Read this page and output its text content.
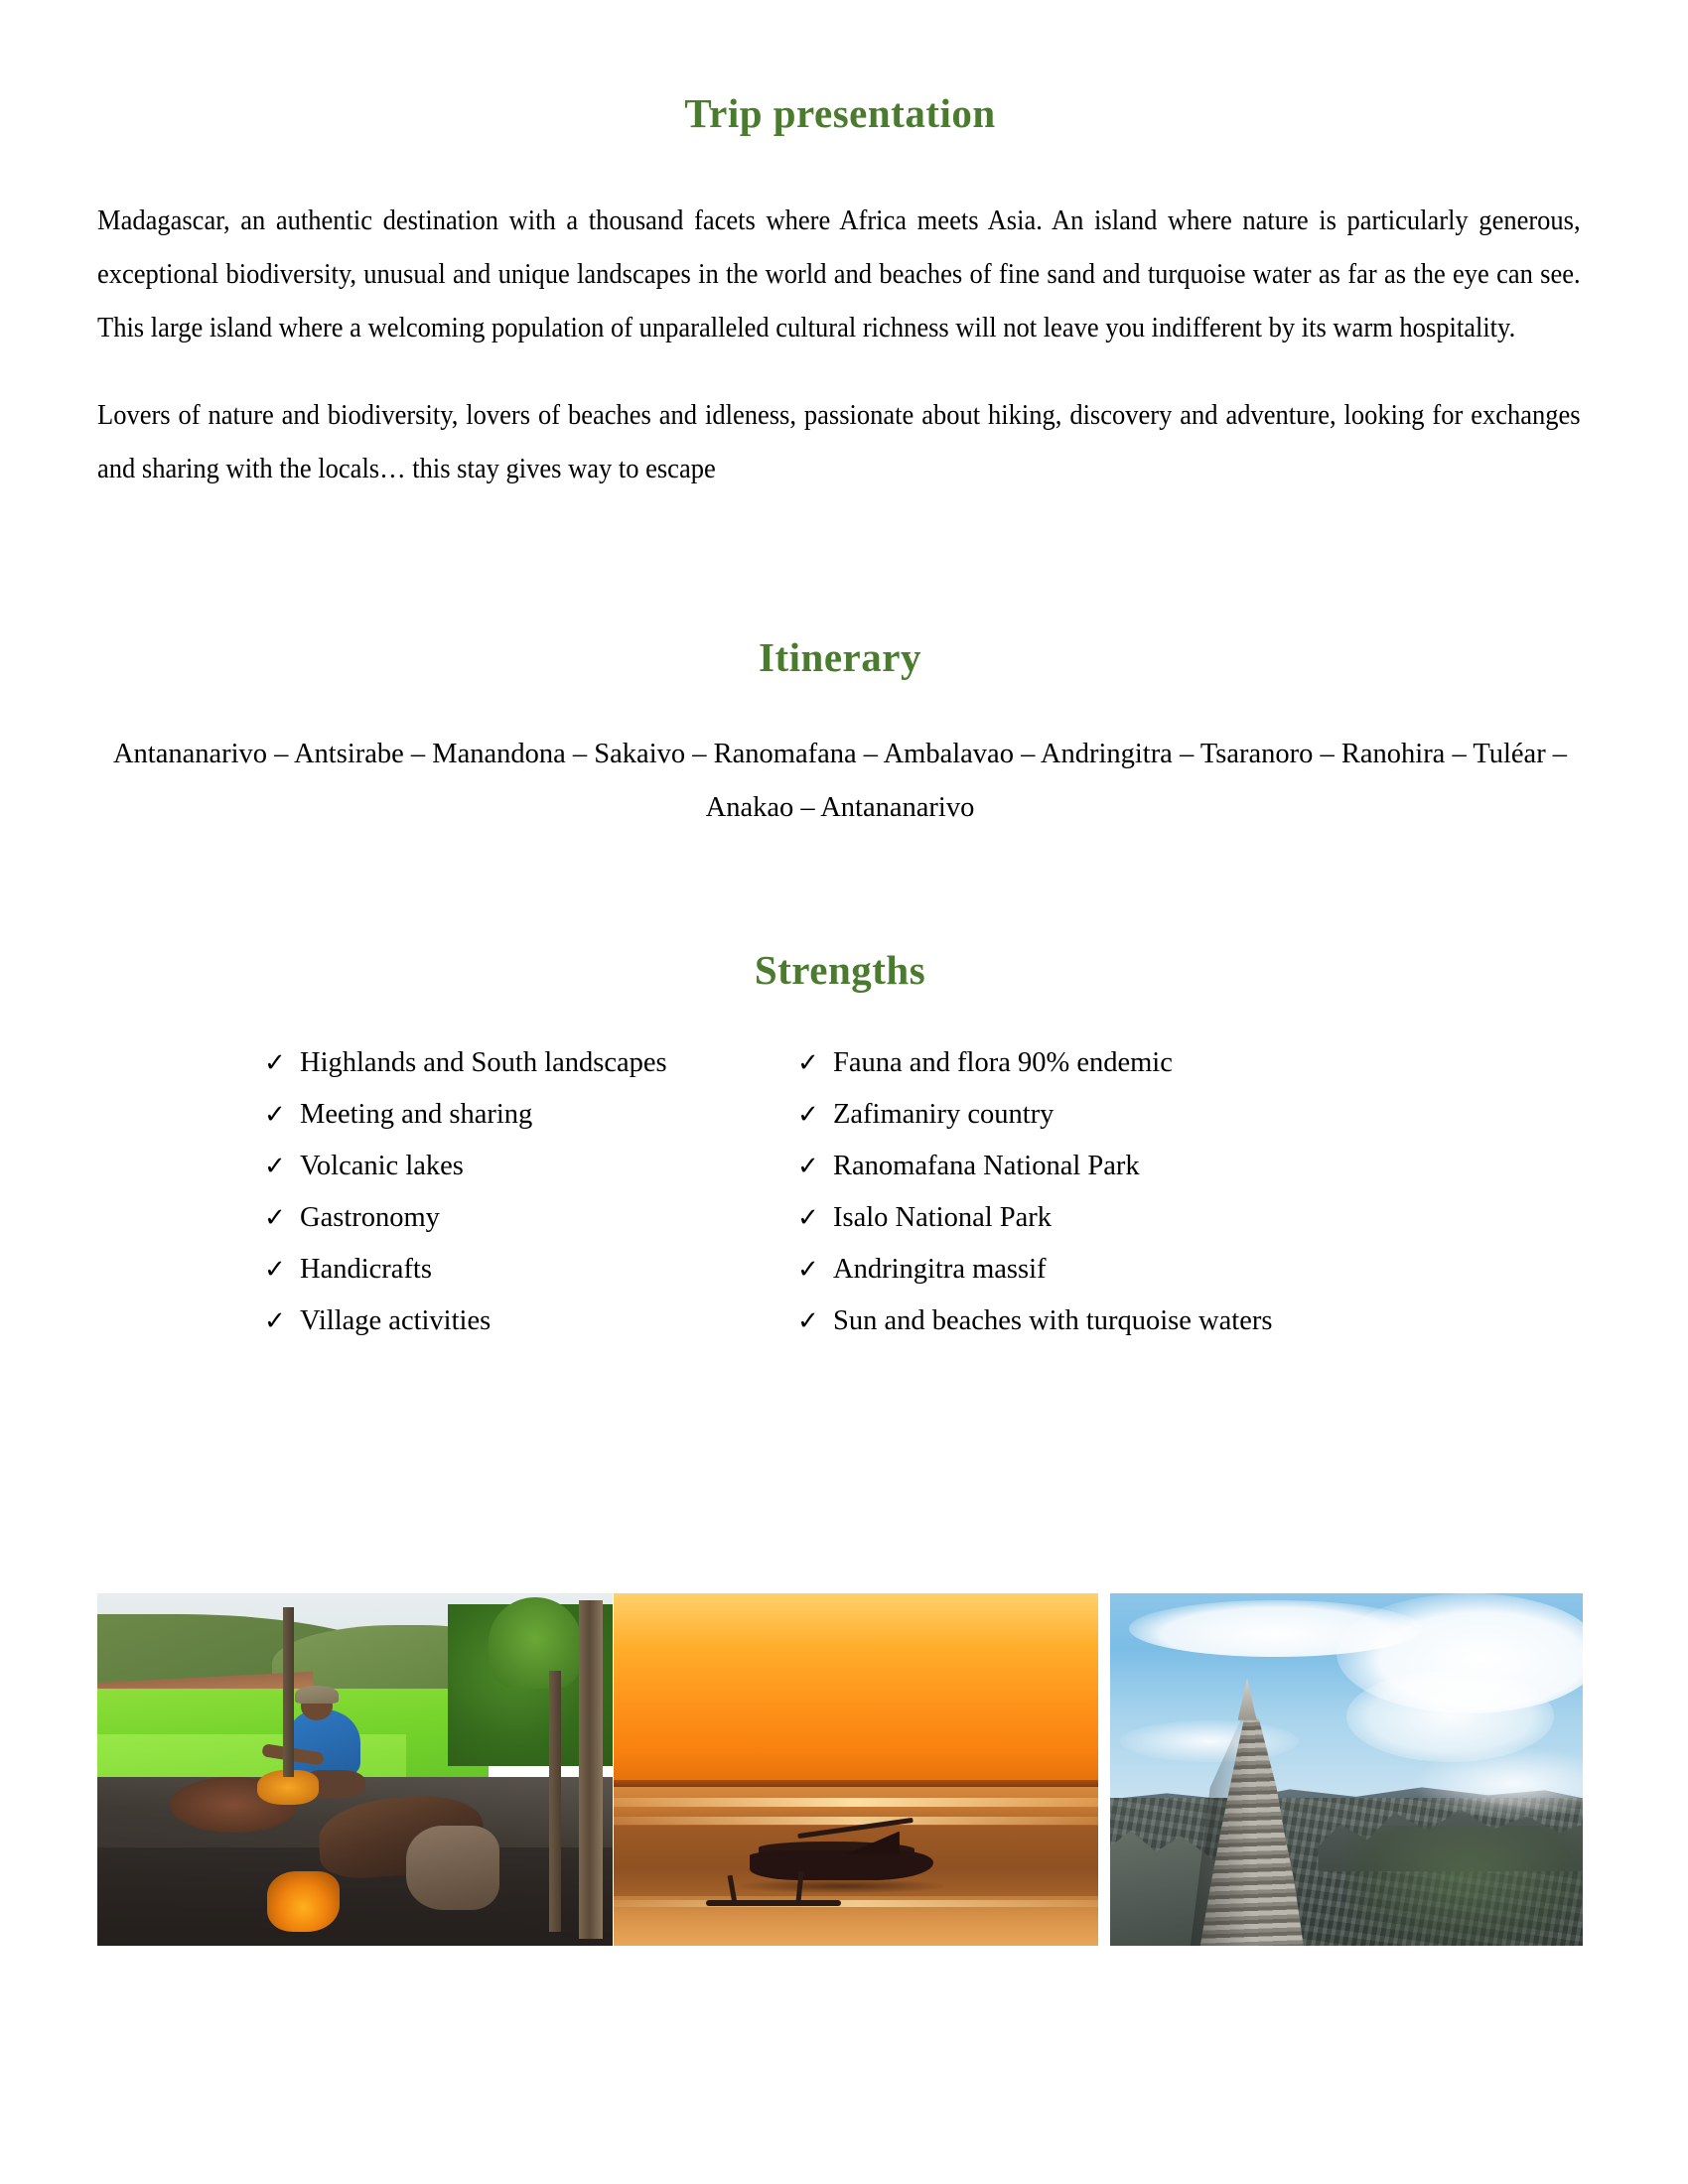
Trip presentation

Madagascar, an authentic destination with a thousand facets where Africa meets Asia. An island where nature is particularly generous, exceptional biodiversity, unusual and unique landscapes in the world and beaches of fine sand and turquoise water as far as the eye can see. This large island where a welcoming population of unparalleled cultural richness will not leave you indifferent by its warm hospitality.

Lovers of nature and biodiversity, lovers of beaches and idleness, passionate about hiking, discovery and adventure, looking for exchanges and sharing with the locals… this stay gives way to escape

Itinerary

Antananarivo – Antsirabe – Manandona – Sakaivo – Ranomafana – Ambalavao – Andringitra – Tsaranoro – Ranohira – Tuléar – Anakao – Antananarivo

Strengths
✓ Highlands and South landscapes
✓ Meeting and sharing
✓ Volcanic lakes
✓ Gastronomy
✓ Handicrafts
✓ Village activities
✓ Fauna and flora 90% endemic
✓ Zafimaniry country
✓ Ranomafana National Park
✓ Isalo National Park
✓ Andringitra massif
✓ Sun and beaches with turquoise waters
